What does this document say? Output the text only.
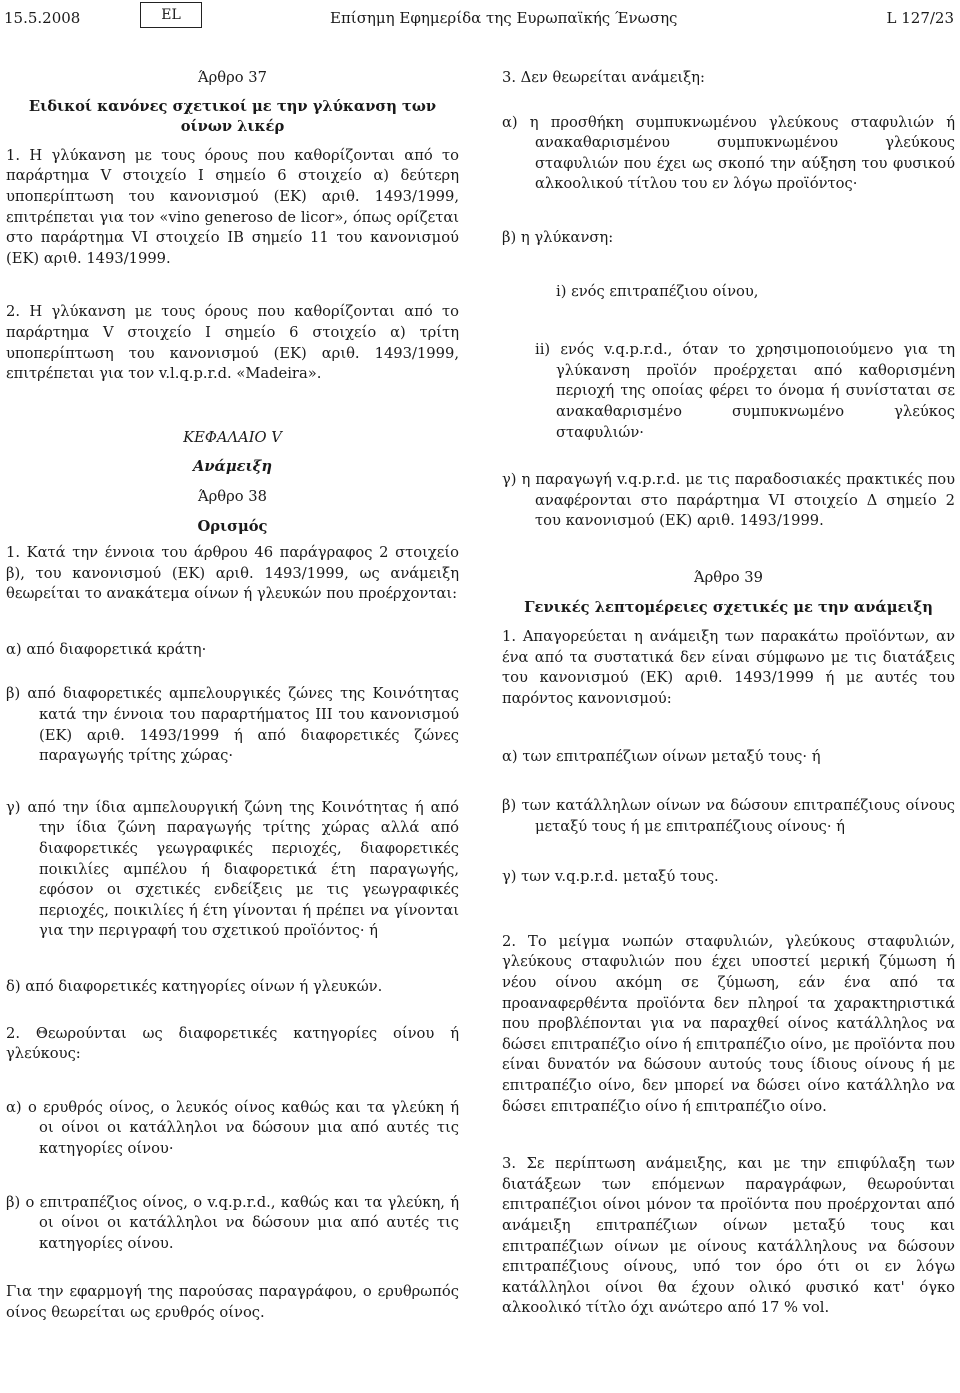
15.5.2008	EL	Επίσημη Εφημερίδα της Ευρωπαϊκής Ένωσης	L 127/23

Άρθρο 37

Ειδικοί κανόνες σχετικοί με την γλύκανση των οίνων λικέρ

1. Η γλύκανση με τους όρους που καθορίζονται από το παράρτημα V στοιχείο I σημείο 6 στοιχείο α) δεύτερη υποπερίπτωση του κανονισμού (ΕΚ) αριθ. 1493/1999, επιτρέπεται για τον «vino generoso de licor», όπως ορίζεται στο παράρτημα VI στοιχείο IB σημείο 11 του κανονισμού (ΕΚ) αριθ. 1493/1999.

2. Η γλύκανση με τους όρους που καθορίζονται από το παράρτημα V στοιχείο I σημείο 6 στοιχείο α) τρίτη υποπερίπτωση του κανονισμού (ΕΚ) αριθ. 1493/1999, επιτρέπεται για τον v.l.q.p.r.d. «Madeira».

ΚΕΦΑΛΑΙΟ V

Ανάμειξη

Άρθρο 38

Ορισμός

1. Κατά την έννοια του άρθρου 46 παράγραφος 2 στοιχείο β), του κανονισμού (ΕΚ) αριθ. 1493/1999, ως ανάμειξη θεωρείται το ανακάτεμα οίνων ή γλευκών που προέρχονται:

α) από διαφορετικά κράτη·

β) από διαφορετικές αμπελουργικές ζώνες της Κοινότητας κατά την έννοια του παραρτήματος III του κανονισμού (ΕΚ) αριθ. 1493/1999 ή από διαφορετικές ζώνες παραγωγής τρίτης χώρας·

γ) από την ίδια αμπελουργική ζώνη της Κοινότητας ή από την ίδια ζώνη παραγωγής τρίτης χώρας αλλά από διαφορετικές γεωγραφικές περιοχές, διαφορετικές ποικιλίες αμπέλου ή διαφορετικά έτη παραγωγής, εφόσον οι σχετικές ενδείξεις με τις γεωγραφικές περιοχές, ποικιλίες ή έτη γίνονται ή πρέπει να γίνονται για την περιγραφή του σχετικού προϊόντος· ή

δ) από διαφορετικές κατηγορίες οίνων ή γλευκών.

2. Θεωρούνται ως διαφορετικές κατηγορίες οίνου ή γλεύκους:

α) ο ερυθρός οίνος, ο λευκός οίνος καθώς και τα γλεύκη ή οι οίνοι οι κατάλληλοι να δώσουν μια από αυτές τις κατηγορίες οίνου·

β) ο επιτραπέζιος οίνος, ο v.q.p.r.d., καθώς και τα γλεύκη, ή οι οίνοι οι κατάλληλοι να δώσουν μια από αυτές τις κατηγορίες οίνου.

Για την εφαρμογή της παρούσας παραγράφου, ο ερυθρωπός οίνος θεωρείται ως ερυθρός οίνος.

3. Δεν θεωρείται ανάμειξη:

α) η προσθήκη συμπυκνωμένου γλεύκους σταφυλιών ή ανακαθαρισμένου συμπυκνωμένου γλεύκους σταφυλιών που έχει ως σκοπό την αύξηση του φυσικού αλκοολικού τίτλου του εν λόγω προϊόντος·

β) η γλύκανση:

i) ενός επιτραπέζιου οίνου,

ii) ενός v.q.p.r.d., όταν το χρησιμοποιούμενο για τη γλύκανση προϊόν προέρχεται από καθορισμένη περιοχή της οποίας φέρει το όνομα ή συνίσταται σε ανακαθαρισμένο συμπυκνωμένο γλεύκος σταφυλιών·

γ) η παραγωγή v.q.p.r.d. με τις παραδοσιακές πρακτικές που αναφέρονται στο παράρτημα VI στοιχείο Δ σημείο 2 του κανονισμού (ΕΚ) αριθ. 1493/1999.

Άρθρο 39

Γενικές λεπτομέρειες σχετικές με την ανάμειξη

1. Απαγορεύεται η ανάμειξη των παρακάτω προϊόντων, αν ένα από τα συστατικά δεν είναι σύμφωνο με τις διατάξεις του κανονισμού (ΕΚ) αριθ. 1493/1999 ή με αυτές του παρόντος κανονισμού:

α) των επιτραπέζιων οίνων μεταξύ τους· ή

β) των κατάλληλων οίνων να δώσουν επιτραπέζιους οίνους μεταξύ τους ή με επιτραπέζιους οίνους· ή

γ) των v.q.p.r.d. μεταξύ τους.

2. Το μείγμα νωπών σταφυλιών, γλεύκους σταφυλιών, γλεύκους σταφυλιών που έχει υποστεί μερική ζύμωση ή νέου οίνου ακόμη σε ζύμωση, εάν ένα από τα προαναφερθέντα προϊόντα δεν πληροί τα χαρακτηριστικά που προβλέπονται για να παραχθεί οίνος κατάλληλος να δώσει επιτραπέζιο οίνο ή επιτραπέζιο οίνο, με προϊόντα που είναι δυνατόν να δώσουν αυτούς τους ίδιους οίνους ή με επιτραπέζιο οίνο, δεν μπορεί να δώσει οίνο κατάλληλο να δώσει επιτραπέζιο οίνο ή επιτραπέζιο οίνο.

3. Σε περίπτωση ανάμειξης, και με την επιφύλαξη των διατάξεων των επόμενων παραγράφων, θεωρούνται επιτραπέζιοι οίνοι μόνον τα προϊόντα που προέρχονται από ανάμειξη επιτραπέζιων οίνων μεταξύ τους και επιτραπέζιων οίνων με οίνους κατάλληλους να δώσουν επιτραπέζιους οίνους, υπό τον όρο ότι οι εν λόγω κατάλληλοι οίνοι θα έχουν ολικό φυσικό κατ' όγκο αλκοολικό τίτλο όχι ανώτερο από 17 % vol.
